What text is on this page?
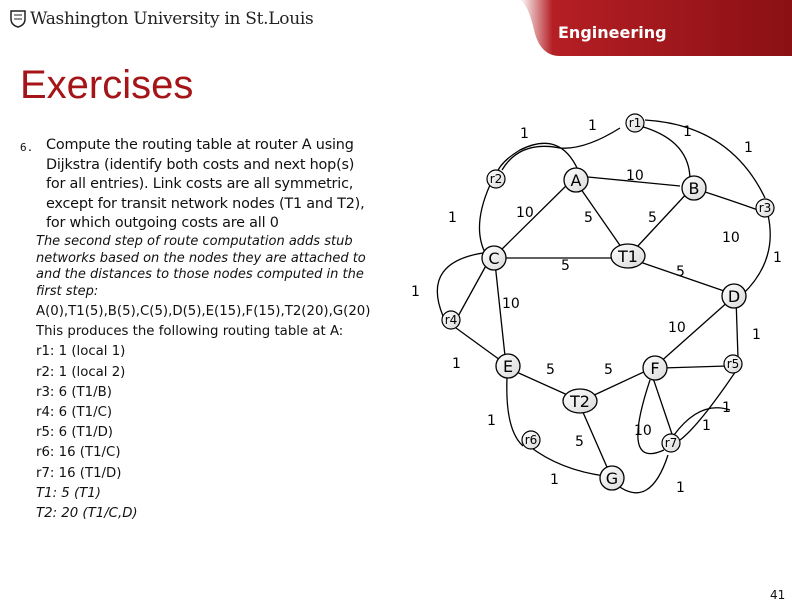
Washington University in St.Louis
Engineering
Exercises
6. Compute the routing table at router A using
Dijkstra (identify both costs and next hop(s)
for all entries). Link costs are all symmetric,
except for transit network nodes (T1 and T2),
for which outgoing costs are all 0

The second step of route computation adds stub
networks based on the nodes they are attached to
and the distances to those nodes computed in the
first step:
A(0),T1(5),B(5),C(5),D(5),E(15),F(15),T2(20),G(20)
This produces the following routing table at A:
r1: 1 (local 1)
r2: 1 (local 2)
r3: 6 (T1/B)
r4: 6 (T1/C)
r5: 6 (T1/D)
r6: 16 (T1/C)
r7: 16 (T1/D)
T1: 5 (T1)
T2: 20 (T1/C,D)
A	B
C
D
E	F
G
T1
T2
r1
r2
r3
r4
r5
r6	r7
1
1	1
1
10
10
1	5	5
10
1
5	5
1
10
10	1
1	5	5
1
1
10	1
5
1	1
41
